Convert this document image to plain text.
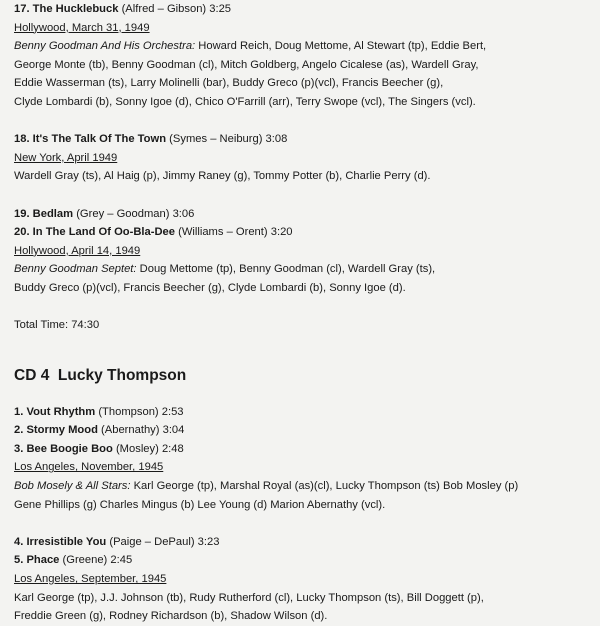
17. The Hucklebuck (Alfred – Gibson) 3:25
Hollywood, March 31, 1949
Benny Goodman And His Orchestra: Howard Reich, Doug Mettome, Al Stewart (tp), Eddie Bert,
George Monte (tb), Benny Goodman (cl), Mitch Goldberg, Angelo Cicalese (as), Wardell Gray,
Eddie Wasserman (ts), Larry Molinelli (bar), Buddy Greco (p)(vcl), Francis Beecher (g),
Clyde Lombardi (b), Sonny Igoe (d), Chico O'Farrill (arr), Terry Swope (vcl), The Singers (vcl).
18. It's The Talk Of The Town (Symes – Neiburg) 3:08
New York, April 1949
Wardell Gray (ts), Al Haig (p), Jimmy Raney (g), Tommy Potter (b), Charlie Perry (d).
19. Bedlam (Grey – Goodman) 3:06
20. In The Land Of Oo-Bla-Dee (Williams – Orent) 3:20
Hollywood, April 14, 1949
Benny Goodman Septet: Doug Mettome (tp), Benny Goodman (cl), Wardell Gray (ts),
Buddy Greco (p)(vcl), Francis Beecher (g), Clyde Lombardi (b), Sonny Igoe (d).
Total Time: 74:30
CD 4  Lucky Thompson
1. Vout Rhythm (Thompson) 2:53
2. Stormy Mood (Abernathy) 3:04
3. Bee Boogie Boo (Mosley) 2:48
Los Angeles, November, 1945
Bob Mosely & All Stars: Karl George (tp), Marshal Royal (as)(cl), Lucky Thompson (ts) Bob Mosley (p)
Gene Phillips (g) Charles Mingus (b) Lee Young (d) Marion Abernathy (vcl).
4. Irresistible You (Paige – DePaul) 3:23
5. Phace (Greene) 2:45
Los Angeles, September, 1945
Karl George (tp), J.J. Johnson (tb), Rudy Rutherford (cl), Lucky Thompson (ts), Bill Doggett (p),
Freddie Green (g), Rodney Richardson (b), Shadow Wilson (d).
